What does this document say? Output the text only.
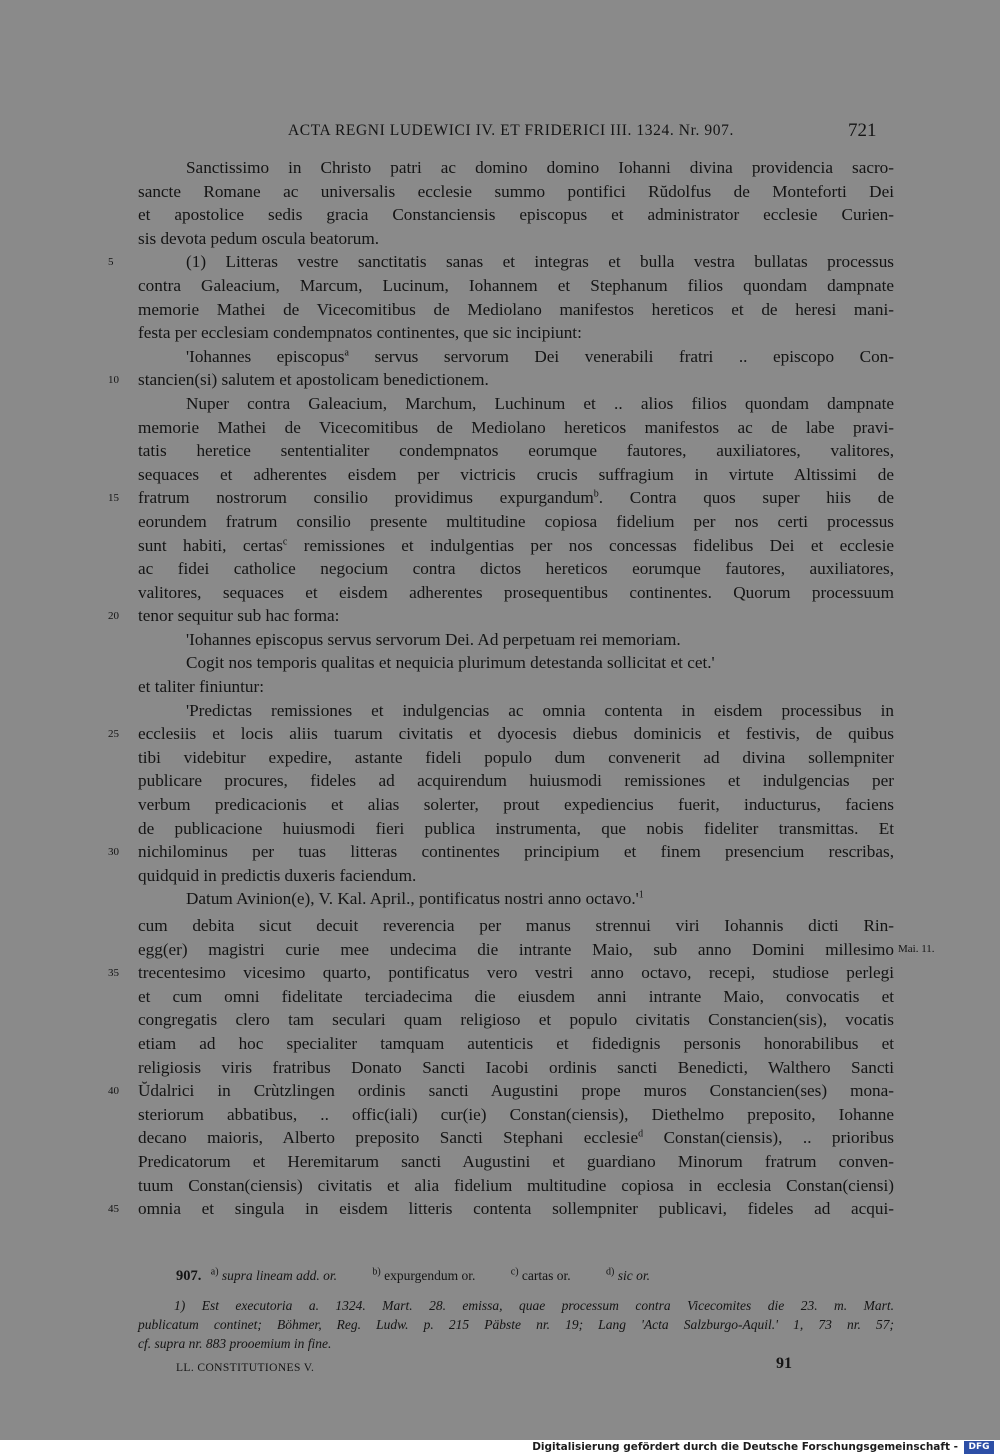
ACTA REGNI LUDEWICI IV. ET FRIDERICI III. 1324. Nr. 907.	721
Sanctissimo in Christo patri ac domino domino Iohanni divina providencia sacro-
sancte Romane ac universalis ecclesie summo pontifici Rŭdolfus de Monteforti Dei
et apostolice sedis gracia Constanciensis episcopus et administrator ecclesie Curien-
sis devota pedum oscula beatorum.
(1) Litteras vestre sanctitatis sanas et integras et bulla vestra bullatas processus
5
contra Galeacium, Marcum, Lucinum, Iohannem et Stephanum filios quondam dampnate
memorie Mathei de Vicecomitibus de Mediolano manifestos hereticos et de heresi mani-
festa per ecclesiam condempnatos continentes, que sic incipiunt:
'Iohannes episcopus$^a$ servus servorum Dei venerabili fratri .. episcopo Con-
stancien(si) salutem et apostolicam benedictionem.
10
Nuper contra Galeacium, Marchum, Luchinum et .. alios filios quondam dampnate
memorie Mathei de Vicecomitibus de Mediolano hereticos manifestos ac de labe pravi-
tatis heretice sententialiter condempnatos eorumque fautores, auxiliatores, valitores,
sequaces et adherentes eisdem per victricis crucis suffragium in virtute Altissimi de
fratrum nostrorum consilio providimus expurgandum$^b$. Contra quos super hiis de
15
eorundem fratrum consilio presente multitudine copiosa fidelium per nos certi processus
sunt habiti, certas$^c$ remissiones et indulgentias per nos concessas fidelibus Dei et ecclesie
ac fidei catholice negocium contra dictos hereticos eorumque fautores, auxiliatores,
valitores, sequaces et eisdem adherentes prosequentibus continentes. Quorum processuum
tenor sequitur sub hac forma:
20
'Iohannes episcopus servus servorum Dei. Ad perpetuam rei memoriam.
Cogit nos temporis qualitas et nequicia plurimum detestanda sollicitat et cet.'
et taliter finiuntur:
'Predictas remissiones et indulgencias ac omnia contenta in eisdem processibus in
ecclesiis et locis aliis tuarum civitatis et dyocesis diebus dominicis et festivis, de quibus
25
tibi videbitur expedire, astante fideli populo dum convenerit ad divina sollempniter
publicare procures, fideles ad acquirendum huiusmodi remissiones et indulgencias per
verbum predicacionis et alias solerter, prout expediencius fuerit, inducturus, faciens
de publicacione huiusmodi fieri publica instrumenta, que nobis fideliter transmittas. Et
nichilominus per tuas litteras continentes principium et finem presencium rescribas,
30
quidquid in predictis duxeris faciendum.
Datum Avinion(e), V. Kal. April., pontificatus nostri anno $octavo.'^1$
cum debita sicut decuit reverencia per manus strennui viri Iohannis dicti Rin-
egg(er) magistri curie mee undecima die intrante Maio, sub anno Domini millesimo Mai. 11.
trecentesimo vicesimo quarto, pontificatus vero vestri anno octavo, recepi, studiose perlegi
35
et cum omni fidelitate terciadecima die eiusdem anni intrante Maio, convocatis et
congregatis clero tam seculari quam religioso et populo civitatis Constancien(sis), vocatis
etiam ad hoc specialiter tamquam autenticis et fidedignis personis honorabilibus et
religiosis viris fratribus Donato Sancti Iacobi ordinis sancti Benedicti, Walthero Sancti
Ŭdalrici in Crùtzlingen ordinis sancti Augustini prope muros Constancien(ses) mona-
40
steriorum abbatibus, .. offic(iali) cur(ie) Constan(ciensis), Diethelmo preposito, Iohanne
decano maioris, Alberto preposito Sancti Stephani ecclesie$^d$ Constan(ciensis), .. prioribus
Predicatorum et Heremitarum sancti Augustini et guardiano Minorum fratrum conven-
tuum Constan(ciensis) civitatis et alia fidelium multitudine copiosa in ecclesia Constan(ciensi)
omnia et singula in eisdem litteris contenta sollempniter publicavi, fideles ad acqui-
45
907. $^{a)}$ supra lineam add. or.	$^{b)}$ expurgendum or.	$^{c)}$ cartas or.	$^{d)}$ sic or.
1) Est executoria a. 1324. Mart. 28. emissa, quae processum contra Vicecomites die 23. m. Mart.
publicatum continet; Böhmer, Reg. Ludw. p. 215 Päbste nr. 19; Lang 'Acta Salzburgo-Aquil.' 1, 73 nr. 57;
cf. supra nr. 883 prooemium in fine.
LL. CONSTITUTIONES V.	91
Digitalisierung gefördert durch die Deutsche Forschungsgemeinschaft -	DFG
